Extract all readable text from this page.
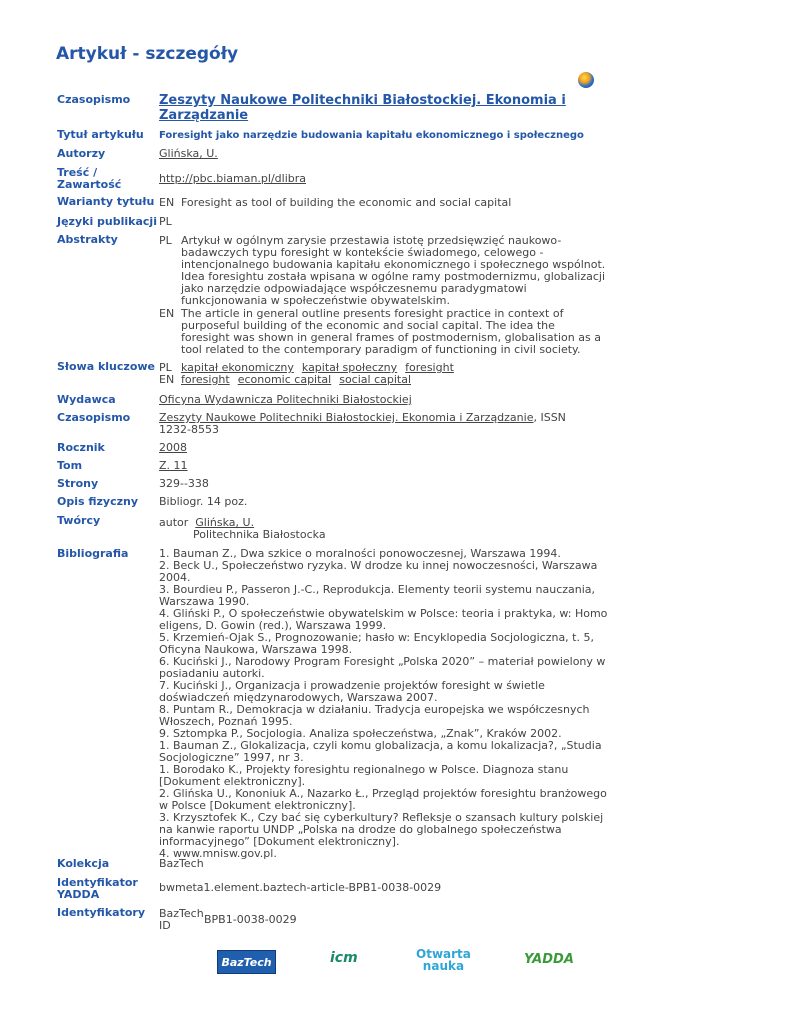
Artykuł - szczegóły
Czasopismo	Zeszyty Naukowe Politechniki Białostockiej. Ekonomia i Zarządzanie
Tytuł artykułu	Foresight jako narzędzie budowania kapitału ekonomicznego i społecznego
Autorzy	Glińska, U.
Treść /
Zawartość	http://pbc.biaman.pl/dlibra
Warianty tytułu EN Foresight as tool of building the economic and social capital
Języki publikacji PL
Abstrakty	PL Artykuł w ogólnym zarysie przestawia istotę przedsięwzięć naukowo-badawczych typu foresight w kontekście świadomego, celowego - intencjonalnego budowania kapitału ekonomicznego i społecznego wspólnot. Idea foresightu została wpisana w ogólne ramy postmodernizmu, globalizacji jako narzędzie odpowiadające współczesnemu paradygmatowi funkcjonowania w społeczeństwie obywatelskim.
EN The article in general outline presents foresight practice in context of purposeful building of the economic and social capital. The idea the foresight was shown in general frames of postmodernism, globalisation as a tool related to the contemporary paradigm of functioning in civil society.
Słowa kluczowe PL kapitał ekonomiczny kapitał społeczny foresight
EN foresight economic capital social capital
Wydawca	Oficyna Wydawnicza Politechniki Białostockiej
Czasopismo	Zeszyty Naukowe Politechniki Białostockiej. Ekonomia i Zarządzanie, ISSN 1232-8553
Rocznik	2008
Tom	Z. 11
Strony	329--338
Opis fizyczny	Bibliogr. 14 poz.
Twórcy	autor Glińska, U.
Politechnika Białostocka
Bibliografia	1. Bauman Z., Dwa szkice o moralności ponowoczesnej, Warszawa 1994.
2. Beck U., Społeczeństwo ryzyka. W drodze ku innej nowoczesności, Warszawa 2004.
3. Bourdieu P., Passeron J.-C., Reprodukcja. Elementy teorii systemu nauczania, Warszawa 1990.
4. Gliński P., O społeczeństwie obywatelskim w Polsce: teoria i praktyka, w: Homo eligens, D. Gowin (red.), Warszawa 1999.
5. Krzemień-Ojak S., Prognozowanie; hasło w: Encyklopedia Socjologiczna, t. 5, Oficyna Naukowa, Warszawa 1998.
6. Kuciński J., Narodowy Program Foresight „Polska 2020” – materiał powielony w posiadaniu autorki.
7. Kuciński J., Organizacja i prowadzenie projektów foresight w świetle doświadczeń międzynarodowych, Warszawa 2007.
8. Puntam R., Demokracja w działaniu. Tradycja europejska we współczesnych Włoszech, Poznań 1995.
9. Sztompka P., Socjologia. Analiza społeczeństwa, „Znak”, Kraków 2002.
1. Bauman Z., Glokalizacja, czyli komu globalizacja, a komu lokalizacja?, „Studia Socjologiczne” 1997, nr 3.
1. Borodako K., Projekty foresightu regionalnego w Polsce. Diagnoza stanu [Dokument elektroniczny].
2. Glińska U., Kononiuk A., Nazarko Ł., Przegląd projektów foresightu branżowego w Polsce [Dokument elektroniczny].
3. Krzysztofek K., Czy bać się cyberkultury? Refleksje o szansach kultury polskiej na kanwie raportu UNDP „Polska na drodze do globalnego społeczeństwa informacyjnego” [Dokument elektroniczny].
4. www.mnisw.gov.pl.
Kolekcja	BazTech
Identyfikator
YADDA
bwmeta1.element.baztech-article-BPB1-0038-0029
Identyfikatory	BazTech
ID	BPB1-0038-0029
BazTech	icm	Otwarta
nauka	YADDA
